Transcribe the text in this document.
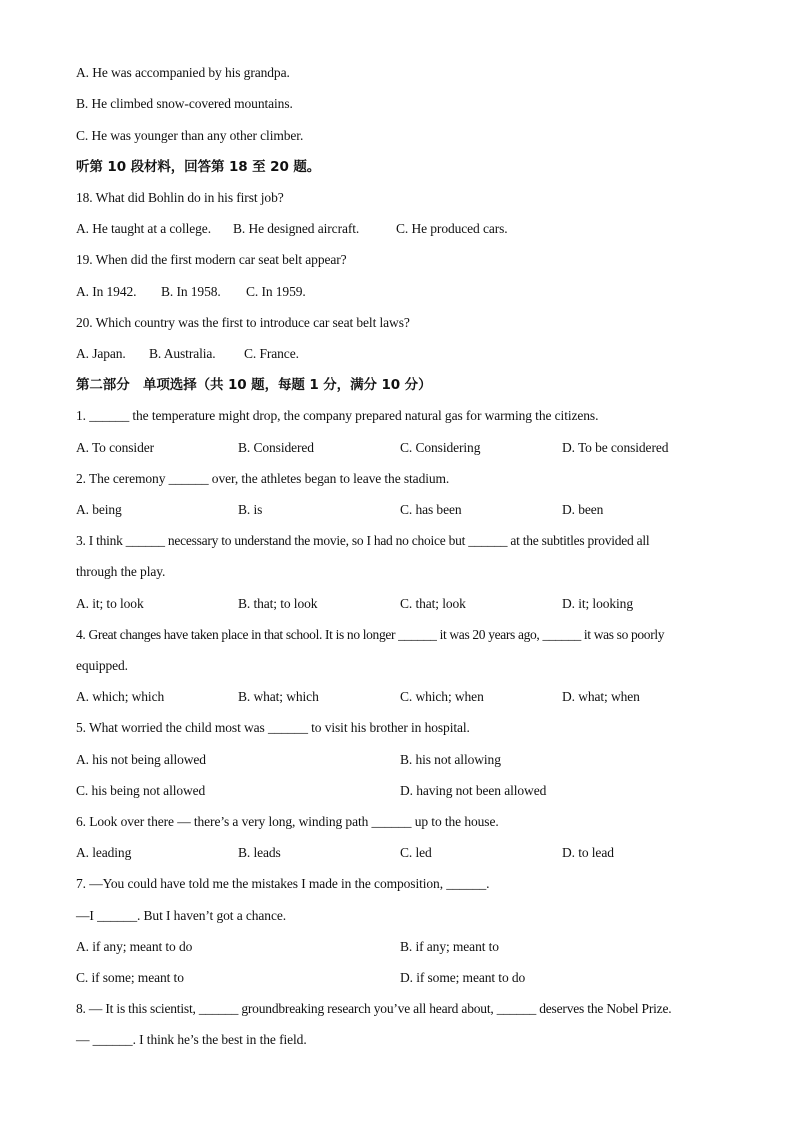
A. He was accompanied by his grandpa.
B. He climbed snow-covered mountains.
C. He was younger than any other climber.
听第 10 段材料，回答第 18 至 20 题。
18. What did Bohlin do in his first job?
A. He taught at a college. B. He designed aircraft.	C. He produced cars.
19. When did the first modern car seat belt appear?
A. In 1942. B. In 1958. C. In 1959.
20. Which country was the first to introduce car seat belt laws?
A. Japan. B. Australia. C. France.
第二部分　单项选择（共 10 题，每题 1 分，满分 10 分）
1. ______ the temperature might drop, the company prepared natural gas for warming the citizens.
A. To consider	B. Considered	C. Considering	D. To be considered
2. The ceremony ______ over, the athletes began to leave the stadium.
A. being	B. is	C. has been	D. been
3. I think ______ necessary to understand the movie, so I had no choice but ______ at the subtitles provided all
through the play.
A. it; to look	B. that; to look	C. that; look	D. it; looking
4. Great changes have taken place in that school. It is no longer ______ it was 20 years ago, ______ it was so poorly
equipped.
A. which; which	B. what; which	C. which; when	D. what; when
5. What worried the child most was ______ to visit his brother in hospital.
A. his not being allowed	B. his not allowing
C. his being not allowed	D. having not been allowed
6. Look over there — there’s a very long, winding path ______ up to the house.
A. leading	B. leads	C. led	D. to lead
7. —You could have told me the mistakes I made in the composition, ______.
—I ______. But I haven’t got a chance.
A. if any; meant to do	B. if any; meant to
C. if some; meant to	D. if some; meant to do
8. — It is this scientist, ______ groundbreaking research you’ve all heard about, ______ deserves the Nobel Prize.
— ______. I think he’s the best in the field.
